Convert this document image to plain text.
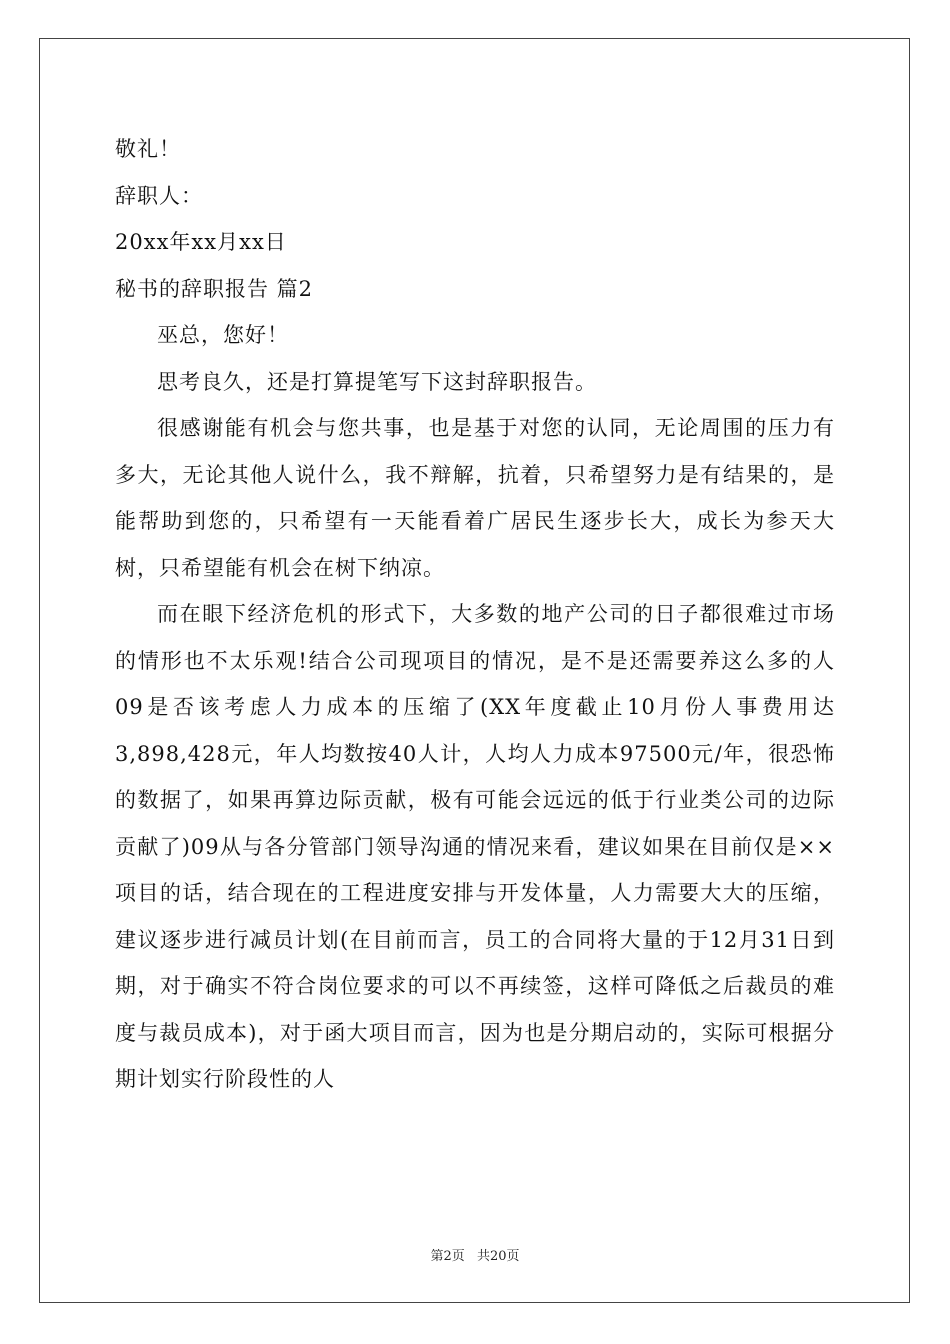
敬礼！
辞职人：
20xx年xx月xx日
秘书的辞职报告 篇2

巫总，您好！

思考良久，还是打算提笔写下这封辞职报告。

很感谢能有机会与您共事，也是基于对您的认同，无论周围的压力有多大，无论其他人说什么，我不辩解，抗着，只希望努力是有结果的，是能帮助到您的，只希望有一天能看着广居民生逐步长大，成长为参天大树，只希望能有机会在树下纳凉。

而在眼下经济危机的形式下，大多数的地产公司的日子都很难过市场的情形也不太乐观!结合公司现项目的情况，是不是还需要养这么多的人09是否该考虑人力成本的压缩了(XX年度截止10月份人事费用达3,898,428元，年人均数按40人计，人均人力成本97500元/年，很恐怖的数据了，如果再算边际贡献，极有可能会远远的低于行业类公司的边际贡献了)09从与各分管部门领导沟通的情况来看，建议如果在目前仅是××项目的话，结合现在的工程进度安排与开发体量，人力需要大大的压缩，建议逐步进行减员计划(在目前而言，员工的合同将大量的于12月31日到期，对于确实不符合岗位要求的可以不再续签，这样可降低之后裁员的难度与裁员成本)，对于函大项目而言，因为也是分期启动的，实际可根据分期计划实行阶段性的人

第2页 共20页
